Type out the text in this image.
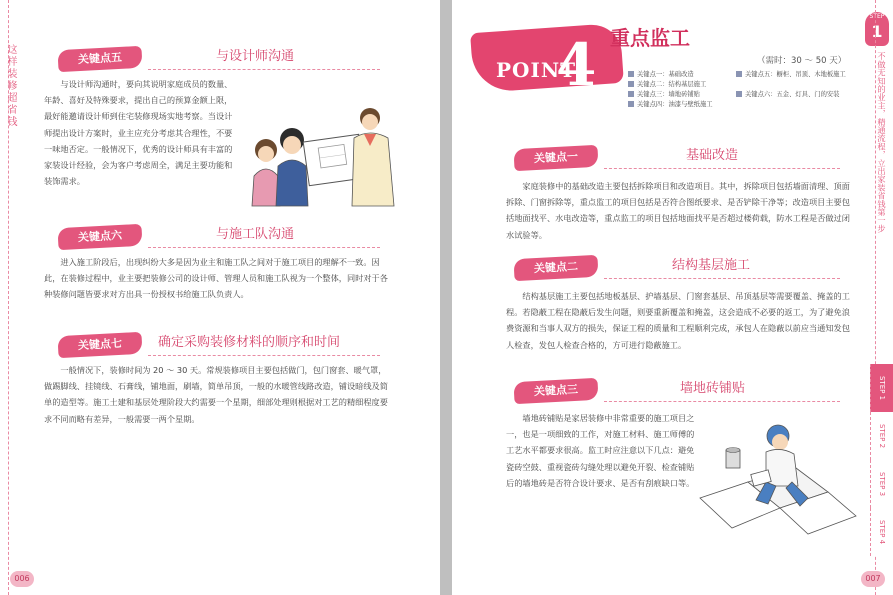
这样装修超省钱
006
关键点五	与设计师沟通
与设计师沟通时，要向其说明家庭成员的数量、年龄、喜好及特殊要求，提出自己的预算金额上限，最好能邀请设计师到住宅装修现场实地考察。当设计师提出设计方案时，业主应充分考虑其合理性，不要一味地否定。一般情况下，优秀的设计师具有丰富的家装设计经验，会为客户考虑周全，满足主要功能和装饰需求。
关键点六	与施工队沟通
进入施工阶段后，出现纠纷大多是因为业主和施工队之间对于施工项目的理解不一致。因此，在装修过程中，业主要把装修公司的设计师、管理人员和施工队视为一个整体，同时对于各种装修问题皆要求对方出具一份授权书给施工队负责人。
关键点七	确定采购装修材料的顺序和时间
一般情况下，装修时间为 20 ～ 30 天。常规装修项目主要包括做门，包门窗套、暖气罩，做踢脚线、挂镜线、石膏线，铺地面，刷墙，简单吊顶，一般的水暖管线路改造，铺设暗线及简单的造型等。施工土建和基层处理阶段大约需要一个星期，细部处理则根据对工艺的精细程度要求不同而略有差异，一般需要一两个星期。
POINT
4 重点监工
（需时：30 ～ 50 天）
关键点一：基础改造
关键点二：结构基层施工
关键点三：墙地砖铺贴
关键点四：油漆与壁纸施工
关键点五：橱柜、吊顶、木地板施工
关键点六：五金、灯具、门的安装
STEP
1
不做无知的业主，精通流程，立出家装省钱第一步
STEP 1
STEP 2
STEP 3
STEP 4
007
关键点一	基础改造
家庭装修中的基础改造主要包括拆除项目和改造项目。其中，拆除项目包括墙面清理、顶面拆除、门窗拆除等，重点监工的项目包括是否符合图纸要求、是否铲除干净等；改造项目主要包括地面找平、水电改造等，重点监工的项目包括地面找平是否超过楼荷载，防水工程是否做过闭水试验等。
关键点二	结构基层施工
结构基层施工主要包括地板基层、护墙基层、门窗套基层、吊顶基层等需要覆盖、掩盖的工程。若隐蔽工程在隐蔽后发生问题，则要重新覆盖和掩盖，这会造成不必要的返工，为了避免浪费资源和当事人双方的损失，保证工程的质量和工程顺利完成，承包人在隐蔽以前应当通知发包人检查，发包人检查合格的，方可进行隐蔽施工。
关键点三	墙地砖铺贴
墙地砖铺贴是家居装修中非常重要的施工项目之一，也是一项细致的工作，对施工材料、施工师傅的工艺水平都要求很高。监工时应注意以下几点：避免瓷砖空鼓、重视瓷砖勾缝处理以避免开裂、检查铺贴后的墙地砖是否符合设计要求、是否有刮痕缺口等。
